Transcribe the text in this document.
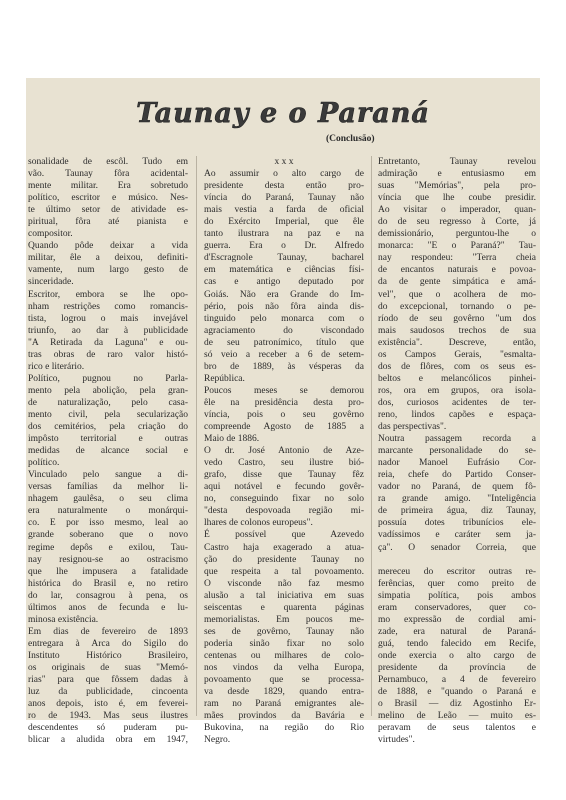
Taunay e o Paraná
(Conclusão)
sonalidade de escôl. Tudo em
vão. Taunay fôra acidental-
mente militar. Era sobretudo
político, escritor e músico. Nes-
te último setor de atividade es-
piritual, fôra até pianista e
compositor.
Quando pôde deixar a vida
militar, êle a deixou, definiti-
vamente, num largo gesto de
sinceridade.
Escritor, embora se lhe opo-
nham restrições como romancis-
tista, logrou o mais invejável
triunfo, ao dar à publicidade
"A Retirada da Laguna" e ou-
tras obras de raro valor histó-
rico e literário.
Político, pugnou no Parla-
mento pela abolição, pela gran-
de naturalização, pelo casa-
mento civil, pela secularização
dos cemitérios, pela criação do
impôsto territorial e outras
medidas de alcance social e
político.
Vinculado pelo sangue a di-
versas famílias da melhor li-
nhagem gaulêsa, o seu clima
era naturalmente o monárqui-
co. E por isso mesmo, leal ao
grande soberano que o novo
regime depôs e exilou, Tau-
nay resignou-se ao ostracismo
que lhe impusera a fatalidade
histórica do Brasil e, no retiro
do lar, consagrou à pena, os
últimos anos de fecunda e lu-
minosa existência.
Em dias de fevereiro de 1893
entregara à Arca do Sigilo do
Instituto Histórico Brasileiro,
os originais de suas "Memó-
rias" para que fôssem dadas à
luz da publicidade, cincoenta
anos depois, isto é, em feverei-
ro de 1943. Mas seus ilustres
descendentes só puderam pu-
blicar a aludida obra em 1947,
x x x
Ao assumir o alto cargo de
presidente desta então pro-
víncia do Paraná, Taunay não
mais vestia a farda de oficial
do Exército Imperial, que êle
tanto ilustrara na paz e na
guerra. Era o Dr. Alfredo
d'Escragnole Taunay, bacharel
em matemática e ciências físi-
cas e antigo deputado por
Goiás. Não era Grande do Im-
pério, pois não fôra ainda dis-
tinguido pelo monarca com o
agraciamento do viscondado
de seu patronímico, título que
só veio a receber a 6 de setem-
bro de 1889, às vésperas da
República.
Poucos meses se demorou
êle na presidência desta pro-
víncia, pois o seu govêrno
compreende Agosto de 1885 a
Maio de 1886.
O dr. José Antonio de Aze-
vedo Castro, seu ilustre bió-
grafo, disse que Taunay fêz
aqui notável e fecundo govêr-
no, conseguindo fixar no solo
"desta despovoada região mi-
lhares de colonos europeus".
É possível que Azevedo
Castro haja exagerado a atua-
ção do presidente Taunay no
que respeita a tal povoamento.
O visconde não faz mesmo
alusão a tal iniciativa em suas
seiscentas e quarenta páginas
memorialistas. Em poucos me-
ses de govêrno, Taunay não
poderia sinão fixar no solo
centenas ou milhares de colo-
nos vindos da velha Europa,
povoamento que se processa-
va desde 1829, quando entra-
ram no Paraná emigrantes ale-
mães provindos da Bavária e
Bukovina, na região do Rio
Negro.
Entretanto, Taunay revelou
admiração e entusiasmo em
suas "Memórias", pela pro-
víncia que lhe coube presidir.
Ao visitar o imperador, quan-
do de seu regresso à Corte, já
demissionário, perguntou-lhe o
monarca: "E o Paraná?" Tau-
nay respondeu: "Terra cheia
de encantos naturais e povoa-
da de gente simpática e amá-
vel", que o acolhera de mo-
do excepcional, tornando o pe-
ríodo de seu govêrno "um dos
mais saudosos trechos de sua
existência". Descreve, então,
os Campos Gerais, "esmalta-
dos de flôres, com os seus es-
beltos e melancólicos pinhei-
ros, ora em grupos, ora isola-
dos, curiosos acidentes de ter-
reno, lindos capões e espaça-
das perspectivas".
Noutra passagem recorda a
marcante personalidade do se-
nador Manoel Eufrásio Cor-
reia, chefe do Partido Conser-
vador no Paraná, de quem fô-
ra grande amigo. "Inteligência
de primeira água, diz Taunay,
possuía dotes tribunícios ele-
vadíssimos e caráter sem ja-
ça". O senador Correia, que
mereceu do escritor outras re-
ferências, quer como preito de
simpatia política, pois ambos
eram conservadores, quer co-
mo expressão de cordial ami-
zade, era natural de Paraná-
guá, tendo falecido em Recife,
onde exercia o alto cargo de
presidente da província de
Pernambuco, a 4 de fevereiro
de 1888, e "quando o Paraná e
o Brasil — diz Agostinho Er-
melino de Leão — muito es-
peravam de seus talentos e
virtudes".
